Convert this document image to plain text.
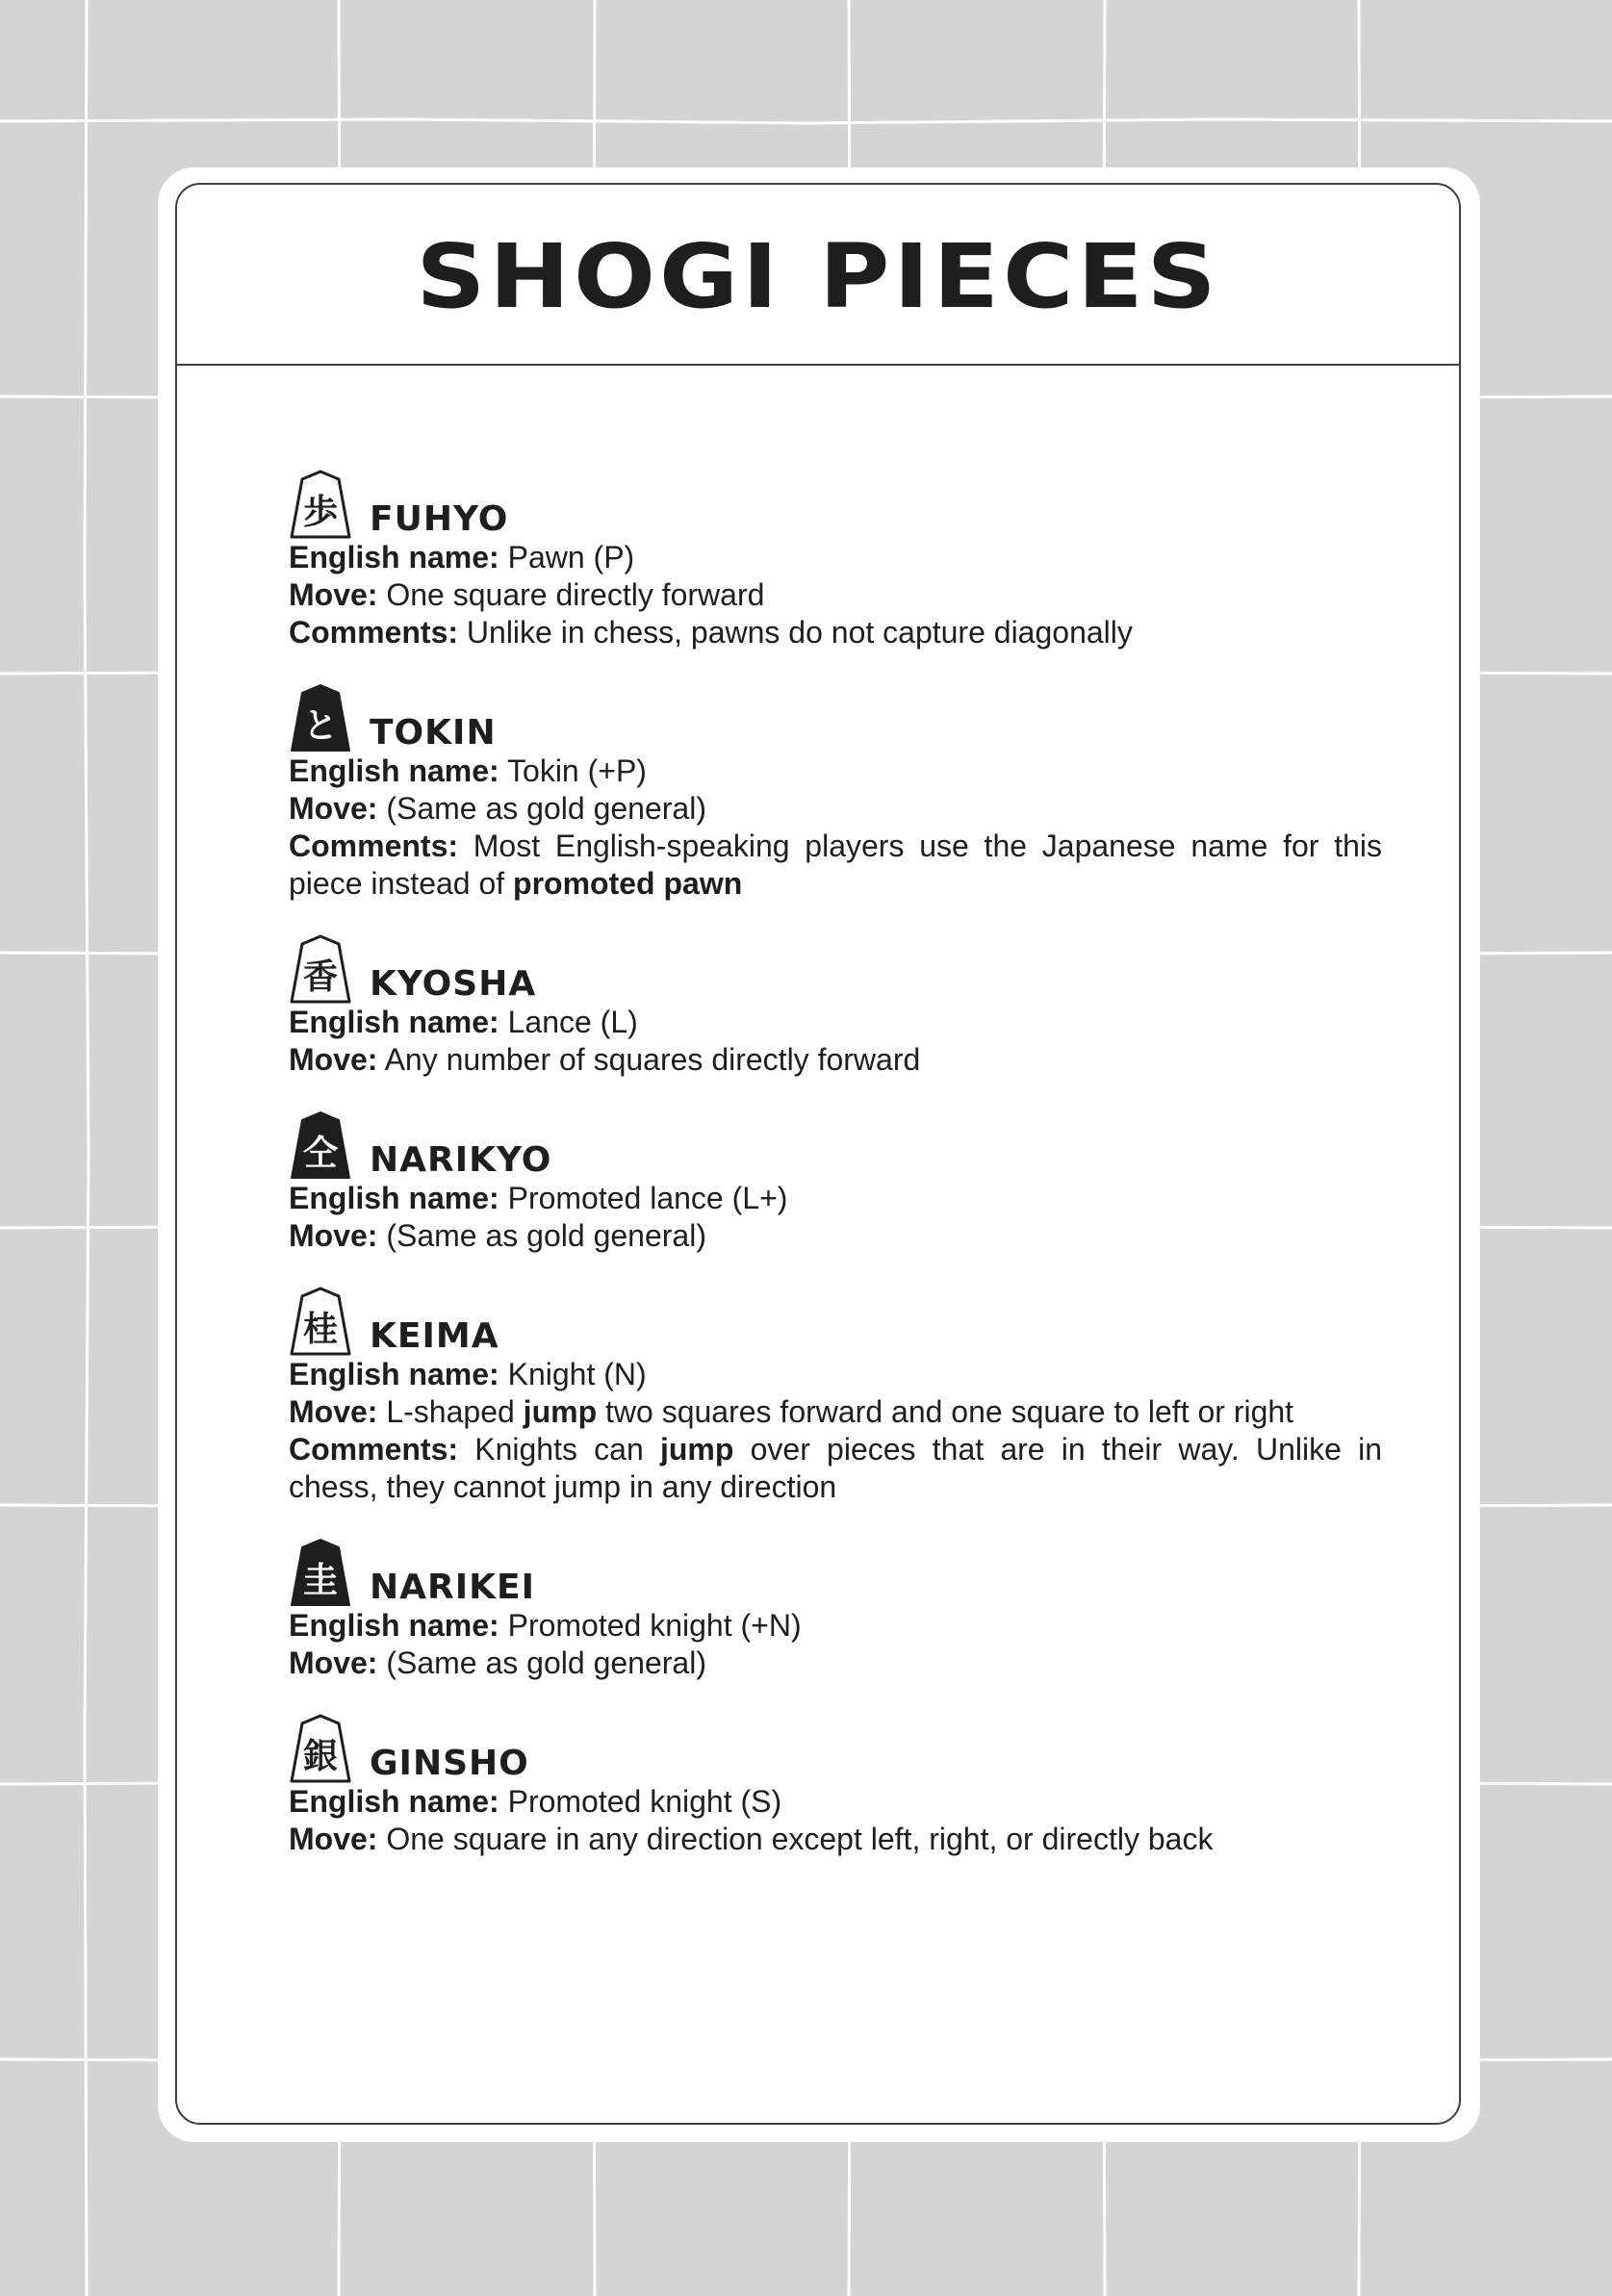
SHOGI PIECES
歩 FUHYO

English name: Pawn (P)

Move: One square directly forward

Comments: Unlike in chess, pawns do not capture diagonally

と TOKIN

English name: Tokin (+P)

Move: (Same as gold general)

Comments: Most English-speaking players use the Japanese name for this piece instead of promoted pawn

香 KYOSHA

English name: Lance (L)

Move: Any number of squares directly forward

仝 NARIKYO

English name: Promoted lance (L+)

Move: (Same as gold general)

桂 KEIMA

English name: Knight (N)

Move: L-shaped jump two squares forward and one square to left or right

Comments: Knights can jump over pieces that are in their way. Unlike in chess, they cannot jump in any direction

圭 NARIKEI

English name: Promoted knight (+N)

Move: (Same as gold general)

銀 GINSHO

English name: Promoted knight (S)

Move: One square in any direction except left, right, or directly back
